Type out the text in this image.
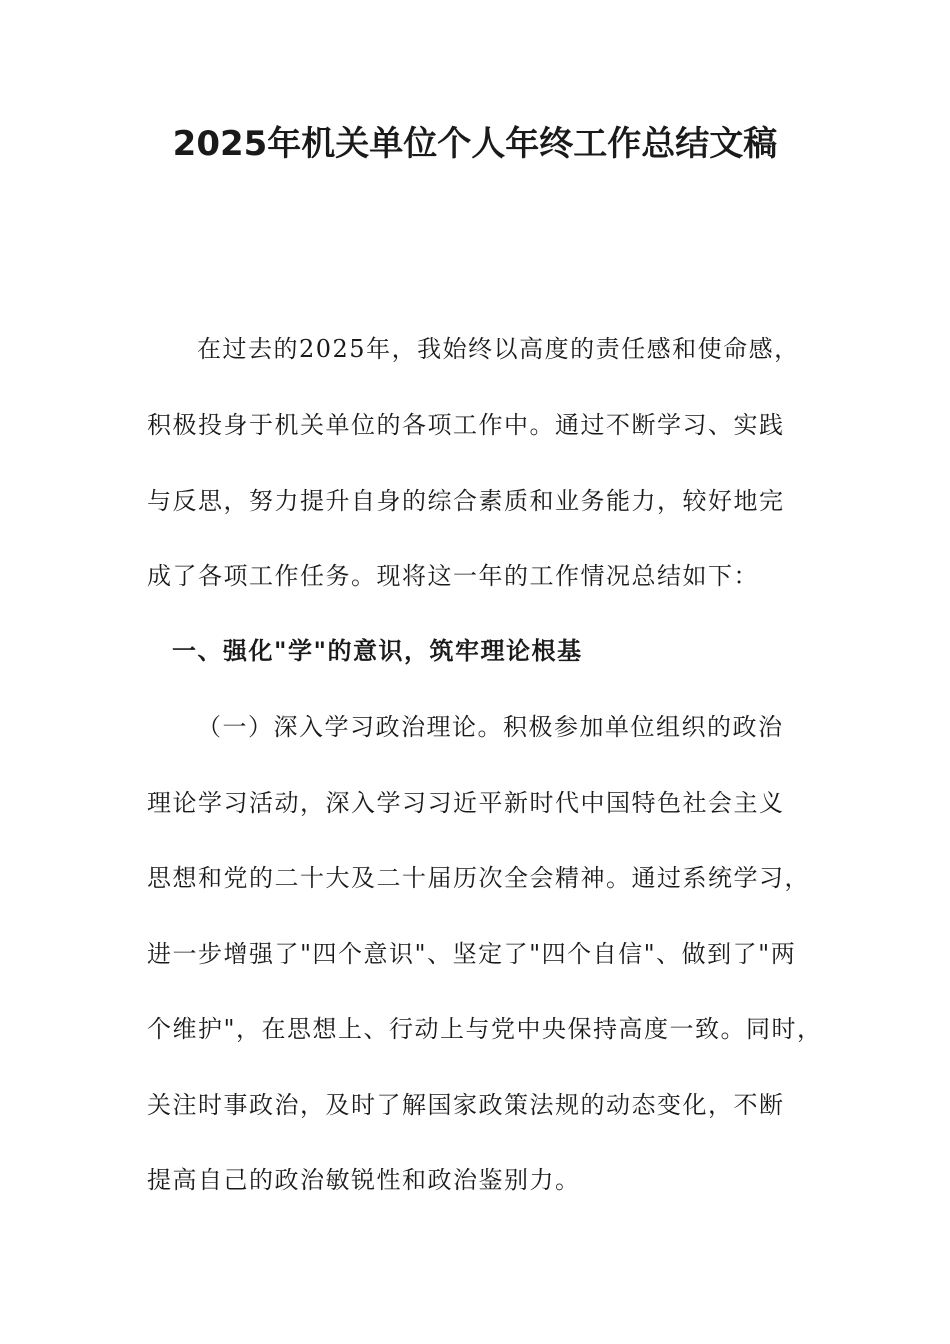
2025年机关单位个人年终工作总结文稿
在过去的2025年，我始终以高度的责任感和使命感，
积极投身于机关单位的各项工作中。通过不断学习、实践
与反思，努力提升自身的综合素质和业务能力，较好地完
成了各项工作任务。现将这一年的工作情况总结如下：
一、强化"学"的意识，筑牢理论根基
（一）深入学习政治理论。积极参加单位组织的政治
理论学习活动，深入学习习近平新时代中国特色社会主义
思想和党的二十大及二十届历次全会精神。通过系统学习，
进一步增强了"四个意识"、坚定了"四个自信"、做到了"两
个维护"，在思想上、行动上与党中央保持高度一致。同时，
关注时事政治，及时了解国家政策法规的动态变化，不断
提高自己的政治敏锐性和政治鉴别力。
